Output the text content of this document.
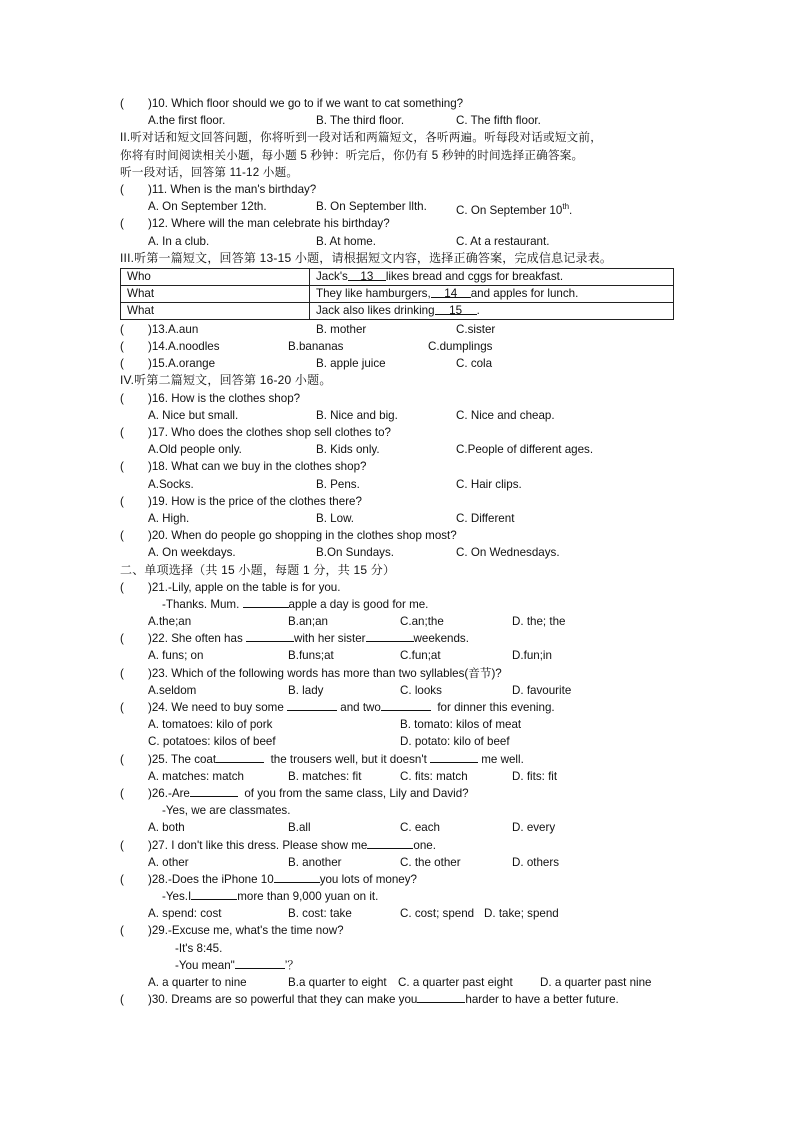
( )10. Which floor should we go to if we want to cat something?
A.the first floor.	B. The third floor.	C. The fifth floor.
II.听对话和短文回答问题，你将听到一段对话和两篇短文，各听两遍。听每段对话或短文前，
你将有时间阅读相关小题，每小题 5 秒钟：听完后，你仍有 5 秒钟的时间选择正确答案。
听一段对话，回答第 11-12 小题。
( )11. When is the man's birthday?
A. On September 12th.	B. On September llth.	C. On September 10th.
( )12. Where will the man celebrate his birthday?
A. In a club.	B. At home.	C. At a restaurant.
III.听第一篇短文，回答第 13-15 小题，请根据短文内容，选择正确答案，完成信息记录表。
Who	Jack's 13 likes bread and cggs for breakfast.
What	They like hamburgers, 14 and apples for lunch.
What	Jack also likes drinking 15 .
( )13.A.aun	B. mother	C.sister
( )14.A.noodles	B.bananas	C.dumplings
( )15.A.orange	B. apple juice	C. cola
IV.听第二篇短文，回答第 16-20 小题。
( )16. How is the clothes shop?
A. Nice but small.	B. Nice and big.	C. Nice and cheap.
( )17. Who does the clothes shop sell clothes to?
A.Old people only.	B. Kids only.	C.People of different ages.
( )18. What can we buy in the clothes shop?
A.Socks.	B. Pens.	C. Hair clips.
( )19. How is the price of the clothes there?
A. High.	B. Low.	C. Different
( )20. When do people go shopping in the clothes shop most?
A. On weekdays.	B.On Sundays.	C. On Wednesdays.
二、单项选择（共 15 小题，每题 1 分，共 15 分）
( )21.-Lily, apple on the table is for you.
-Thanks. Mum.	apple a day is good for me.
A.the;an	B.an;an	C.an;the	D. the; the
( )22. She often has	with her sister	weekends.
A. funs; on	B.funs;at	C.fun;at	D.fun;in
( )23. Which of the following words has more than two syllables(音节)?
A.seldom	B. lady	C. looks	D. favourite
( )24. We need to buy some	and two	for dinner this evening.
A. tomatoes: kilo of pork	B. tomato: kilos of meat
C. potatoes: kilos of beef	D. potato: kilo of beef
( )25. The coat	the trousers well, but it doesn't	me well.
A. matches: match	B. matches: fit	C. fits: match	D. fits: fit
( )26.-Are	of you from the same class, Lily and David?
-Yes, we are classmates.
A. both	B.all	C. each	D. every
( )27. I don't like this dress. Please show me	one.
A. other	B. another	C. the other	D. others
( )28.-Does the iPhone 10	you lots of money?
-Yes.I	more than 9,000 yuan on it.
A. spend: cost	B. cost: take	C. cost; spend D. take; spend
( )29.-Excuse me, what's the time now?
-It's 8:45.
-You mean"	’？
A. a quarter to nine	B.a quarter to eight C. a quarter past eight D. a quarter past nine
( )30. Dreams are so powerful that they can make you	harder to have a better future.
